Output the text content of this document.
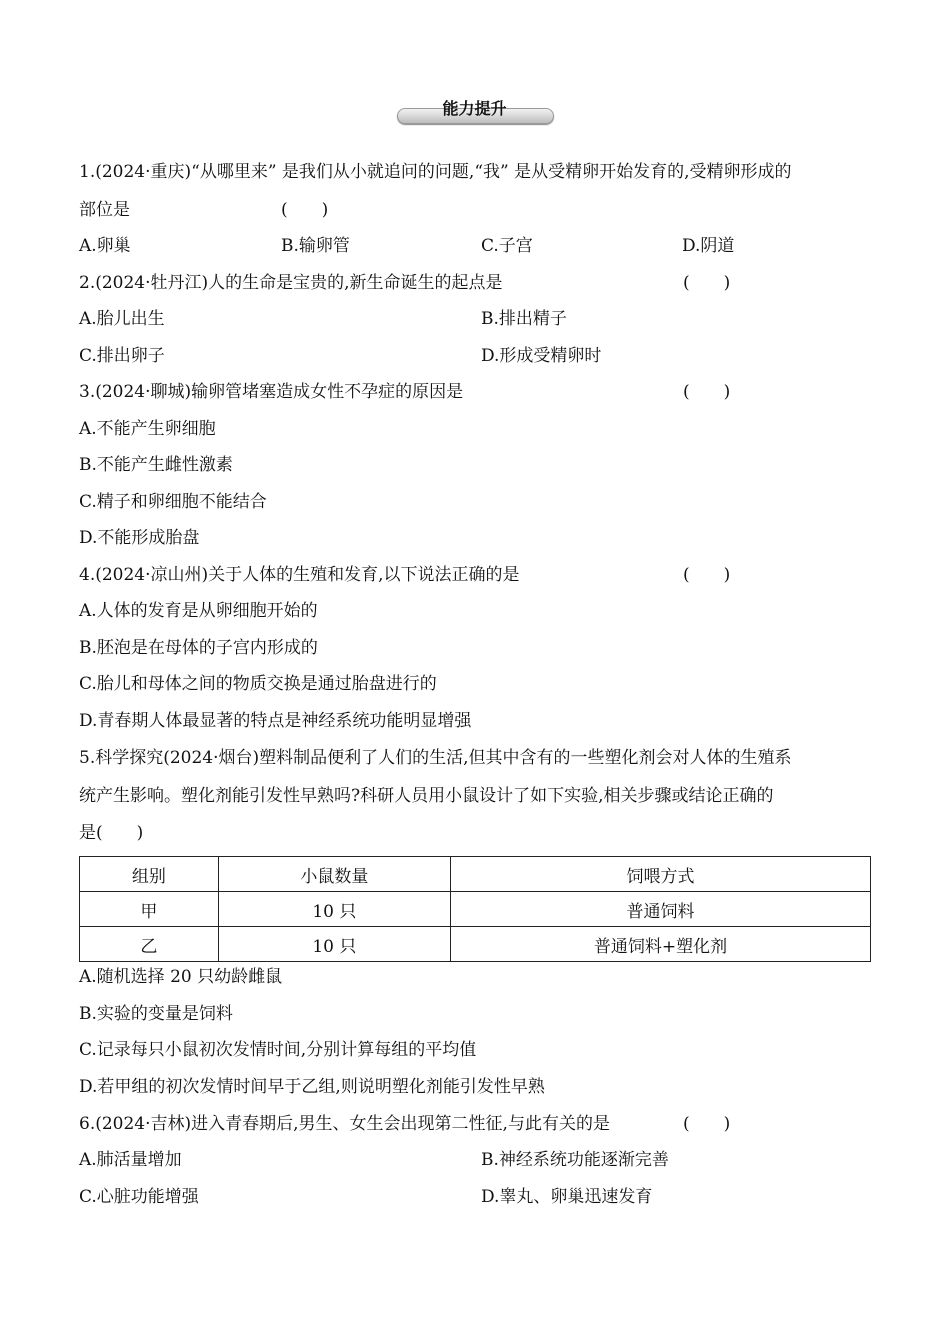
能力提升
1.(2024·重庆)“从哪里来” 是我们从小就追问的问题,“我” 是从受精卵开始发育的,受精卵形成的
部位是	(　　)
A.卵巢	B.输卵管	C.子宫	D.阴道
2.(2024·牡丹江)人的生命是宝贵的,新生命诞生的起点是	(　　)
A.胎儿出生	B.排出精子
C.排出卵子	D.形成受精卵时
3.(2024·聊城)输卵管堵塞造成女性不孕症的原因是	(　　)
A.不能产生卵细胞
B.不能产生雌性激素
C.精子和卵细胞不能结合
D.不能形成胎盘
4.(2024·凉山州)关于人体的生殖和发育,以下说法正确的是	(　　)
A.人体的发育是从卵细胞开始的
B.胚泡是在母体的子宫内形成的
C.胎儿和母体之间的物质交换是通过胎盘进行的
D.青春期人体最显著的特点是神经系统功能明显增强
5.科学探究(2024·烟台)塑料制品便利了人们的生活,但其中含有的一些塑化剂会对人体的生殖系
统产生影响。塑化剂能引发性早熟吗?科研人员用小鼠设计了如下实验,相关步骤或结论正确的
是(　　)
组别	小鼠数量	饲喂方式
甲	10 只	普通饲料
乙	10 只	普通饲料+塑化剂
A.随机选择 20 只幼龄雌鼠
B.实验的变量是饲料
C.记录每只小鼠初次发情时间,分别计算每组的平均值
D.若甲组的初次发情时间早于乙组,则说明塑化剂能引发性早熟
6.(2024·吉林)进入青春期后,男生、女生会出现第二性征,与此有关的是	(　　)
A.肺活量增加	B.神经系统功能逐渐完善
C.心脏功能增强	D.睾丸、卵巢迅速发育
